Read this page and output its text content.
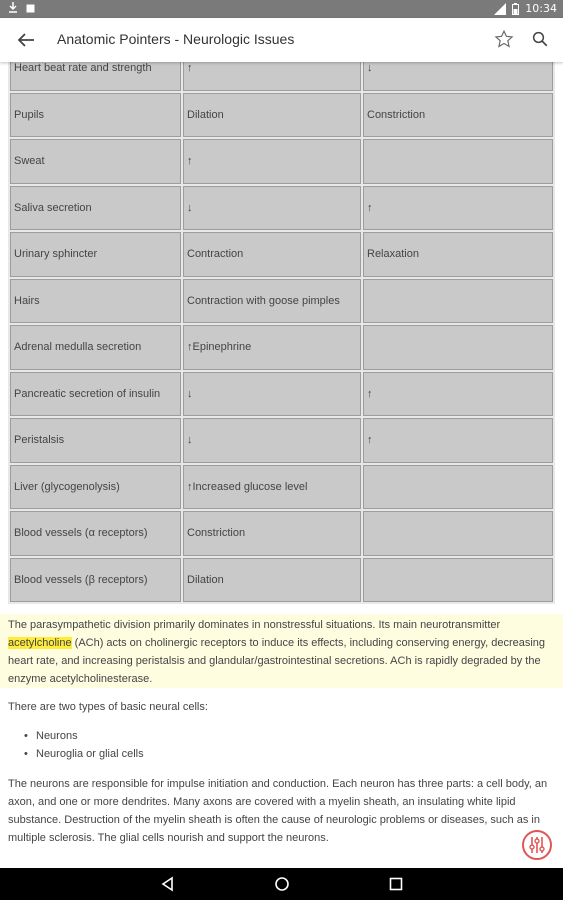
10:34
Anatomic Pointers - Neurologic Issues
Heart beat rate and strength	↑	↓
Pupils	Dilation	Constriction
Sweat	↑	
Saliva secretion	↓	↑
Urinary sphincter	Contraction	Relaxation
Hairs	Contraction with goose pimples	
Adrenal medulla secretion	↑Epinephrine	
Pancreatic secretion of insulin	↓	↑
Peristalsis	↓	↑
Liver (glycogenolysis)	↑Increased glucose level	
Blood vessels (α receptors)	Constriction	
Blood vessels (β receptors)	Dilation	
The parasympathetic division primarily dominates in nonstressful situations. Its main neurotransmitter acetylcholine (ACh) acts on cholinergic receptors to induce its effects, including conserving energy, decreasing heart rate, and increasing peristalsis and glandular/gastrointestinal secretions. ACh is rapidly degraded by the enzyme acetylcholinesterase.
There are two types of basic neural cells:
• Neurons
• Neuroglia or glial cells
The neurons are responsible for impulse initiation and conduction. Each neuron has three parts: a cell body, an axon, and one or more dendrites. Many axons are covered with a myelin sheath, an insulating white lipid substance. Destruction of the myelin sheath is often the cause of neurologic problems or diseases, such as in multiple sclerosis. The glial cells nourish and support the neurons.
